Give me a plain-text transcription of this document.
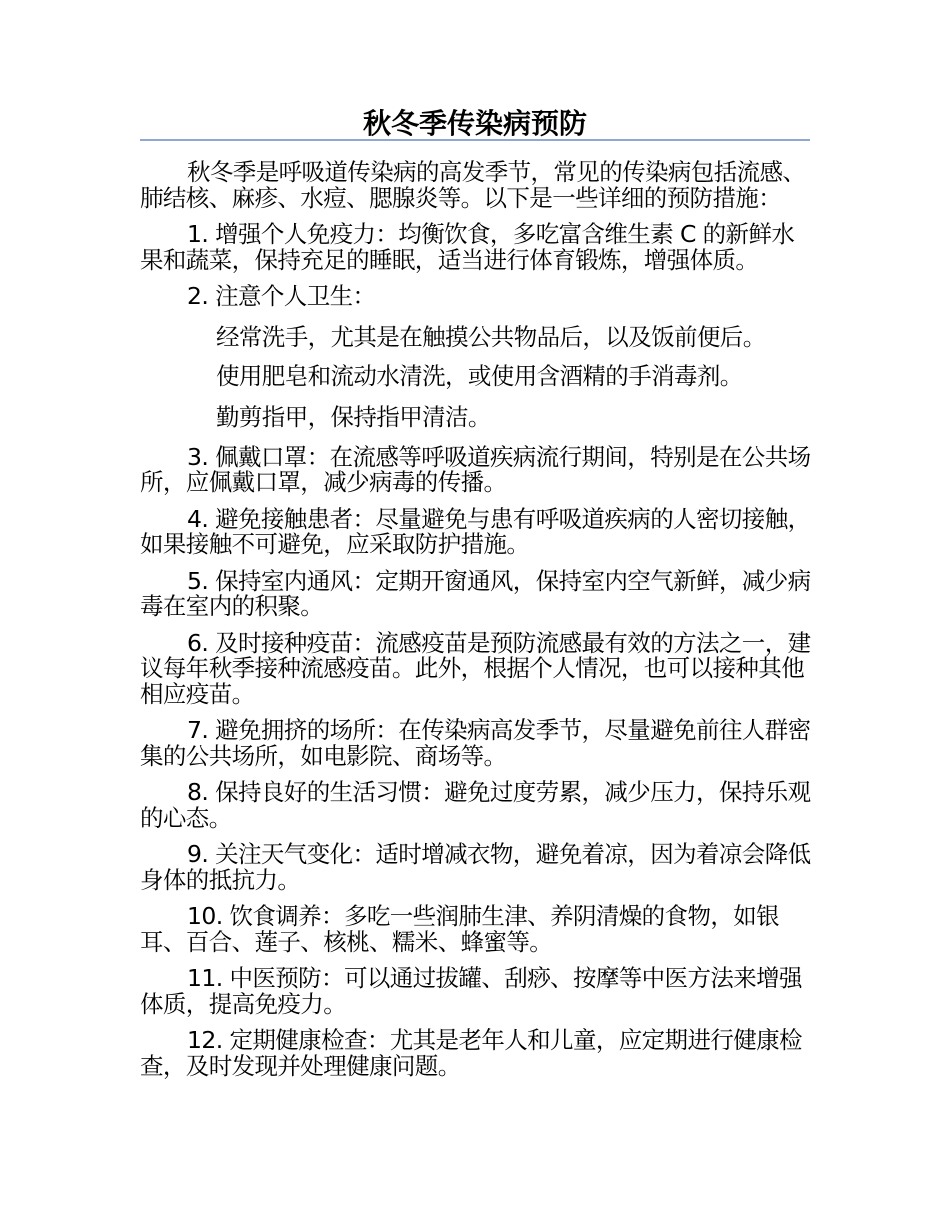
秋冬季传染病预防

秋冬季是呼吸道传染病的高发季节，常见的传染病包括流感、肺结核、麻疹、水痘、腮腺炎等。以下是一些详细的预防措施：

1. 增强个人免疫力：均衡饮食，多吃富含维生素 C 的新鲜水果和蔬菜，保持充足的睡眠，适当进行体育锻炼，增强体质。

2. 注意个人卫生：

经常洗手，尤其是在触摸公共物品后，以及饭前便后。

使用肥皂和流动水清洗，或使用含酒精的手消毒剂。

勤剪指甲，保持指甲清洁。

3. 佩戴口罩：在流感等呼吸道疾病流行期间，特别是在公共场所，应佩戴口罩，减少病毒的传播。

4. 避免接触患者：尽量避免与患有呼吸道疾病的人密切接触，如果接触不可避免，应采取防护措施。

5. 保持室内通风：定期开窗通风，保持室内空气新鲜，减少病毒在室内的积聚。

6. 及时接种疫苗：流感疫苗是预防流感最有效的方法之一，建议每年秋季接种流感疫苗。此外，根据个人情况，也可以接种其他相应疫苗。

7. 避免拥挤的场所：在传染病高发季节，尽量避免前往人群密集的公共场所，如电影院、商场等。

8. 保持良好的生活习惯：避免过度劳累，减少压力，保持乐观的心态。

9. 关注天气变化：适时增减衣物，避免着凉，因为着凉会降低身体的抵抗力。

10. 饮食调养：多吃一些润肺生津、养阴清燥的食物，如银耳、百合、莲子、核桃、糯米、蜂蜜等。

11. 中医预防：可以通过拔罐、刮痧、按摩等中医方法来增强体质，提高免疫力。

12. 定期健康检查：尤其是老年人和儿童，应定期进行健康检查，及时发现并处理健康问题。
